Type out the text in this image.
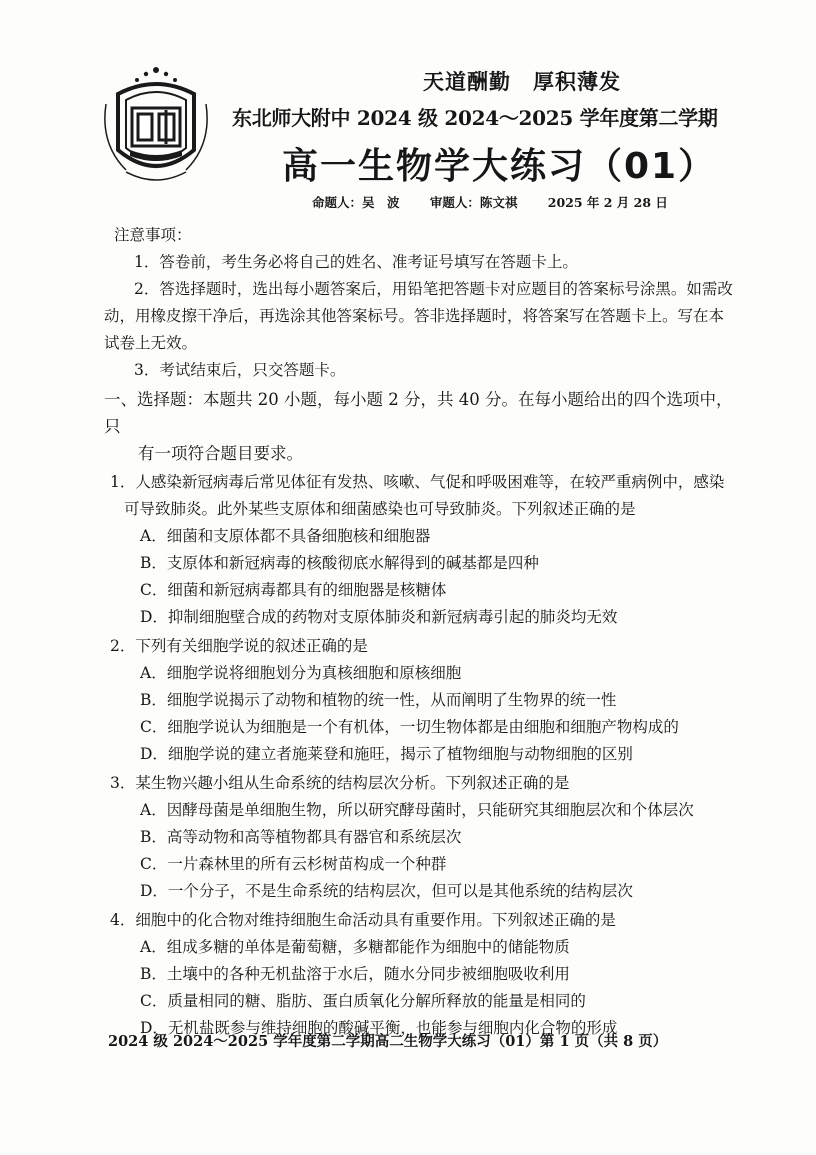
天道酬勤　厚积薄发
东北师大附中 2024 级 2024～2025 学年度第二学期
高一生物学大练习（01）
命题人：吴　波 审题人：陈文祺 2025 年 2 月 28 日
注意事项：
1．答卷前，考生务必将自己的姓名、准考证号填写在答题卡上。
2．答选择题时，选出每小题答案后，用铅笔把答题卡对应题目的答案标号涂黑。如需改动，用橡皮擦干净后，再选涂其他答案标号。答非选择题时，将答案写在答题卡上。写在本试卷上无效。
3．考试结束后，只交答题卡。
一、选择题：本题共 20 小题，每小题 2 分，共 40 分。在每小题给出的四个选项中，只
有一项符合题目要求。
1．人感染新冠病毒后常见体征有发热、咳嗽、气促和呼吸困难等，在较严重病例中，感染可导致肺炎。此外某些支原体和细菌感染也可导致肺炎。下列叙述正确的是
A．细菌和支原体都不具备细胞核和细胞器
B．支原体和新冠病毒的核酸彻底水解得到的碱基都是四种
C．细菌和新冠病毒都具有的细胞器是核糖体
D．抑制细胞壁合成的药物对支原体肺炎和新冠病毒引起的肺炎均无效
2．下列有关细胞学说的叙述正确的是
A．细胞学说将细胞划分为真核细胞和原核细胞
B．细胞学说揭示了动物和植物的统一性，从而阐明了生物界的统一性
C．细胞学说认为细胞是一个有机体，一切生物体都是由细胞和细胞产物构成的
D．细胞学说的建立者施莱登和施旺，揭示了植物细胞与动物细胞的区别
3．某生物兴趣小组从生命系统的结构层次分析。下列叙述正确的是
A．因酵母菌是单细胞生物，所以研究酵母菌时，只能研究其细胞层次和个体层次
B．高等动物和高等植物都具有器官和系统层次
C．一片森林里的所有云杉树苗构成一个种群
D．一个分子，不是生命系统的结构层次，但可以是其他系统的结构层次
4．细胞中的化合物对维持细胞生命活动具有重要作用。下列叙述正确的是
A．组成多糖的单体是葡萄糖，多糖都能作为细胞中的储能物质
B．土壤中的各种无机盐溶于水后，随水分同步被细胞吸收利用
C．质量相同的糖、脂肪、蛋白质氧化分解所释放的能量是相同的
D．无机盐既参与维持细胞的酸碱平衡，也能参与细胞内化合物的形成
2024 级 2024～2025 学年度第二学期高二生物学大练习（01）第 1 页（共 8 页）
